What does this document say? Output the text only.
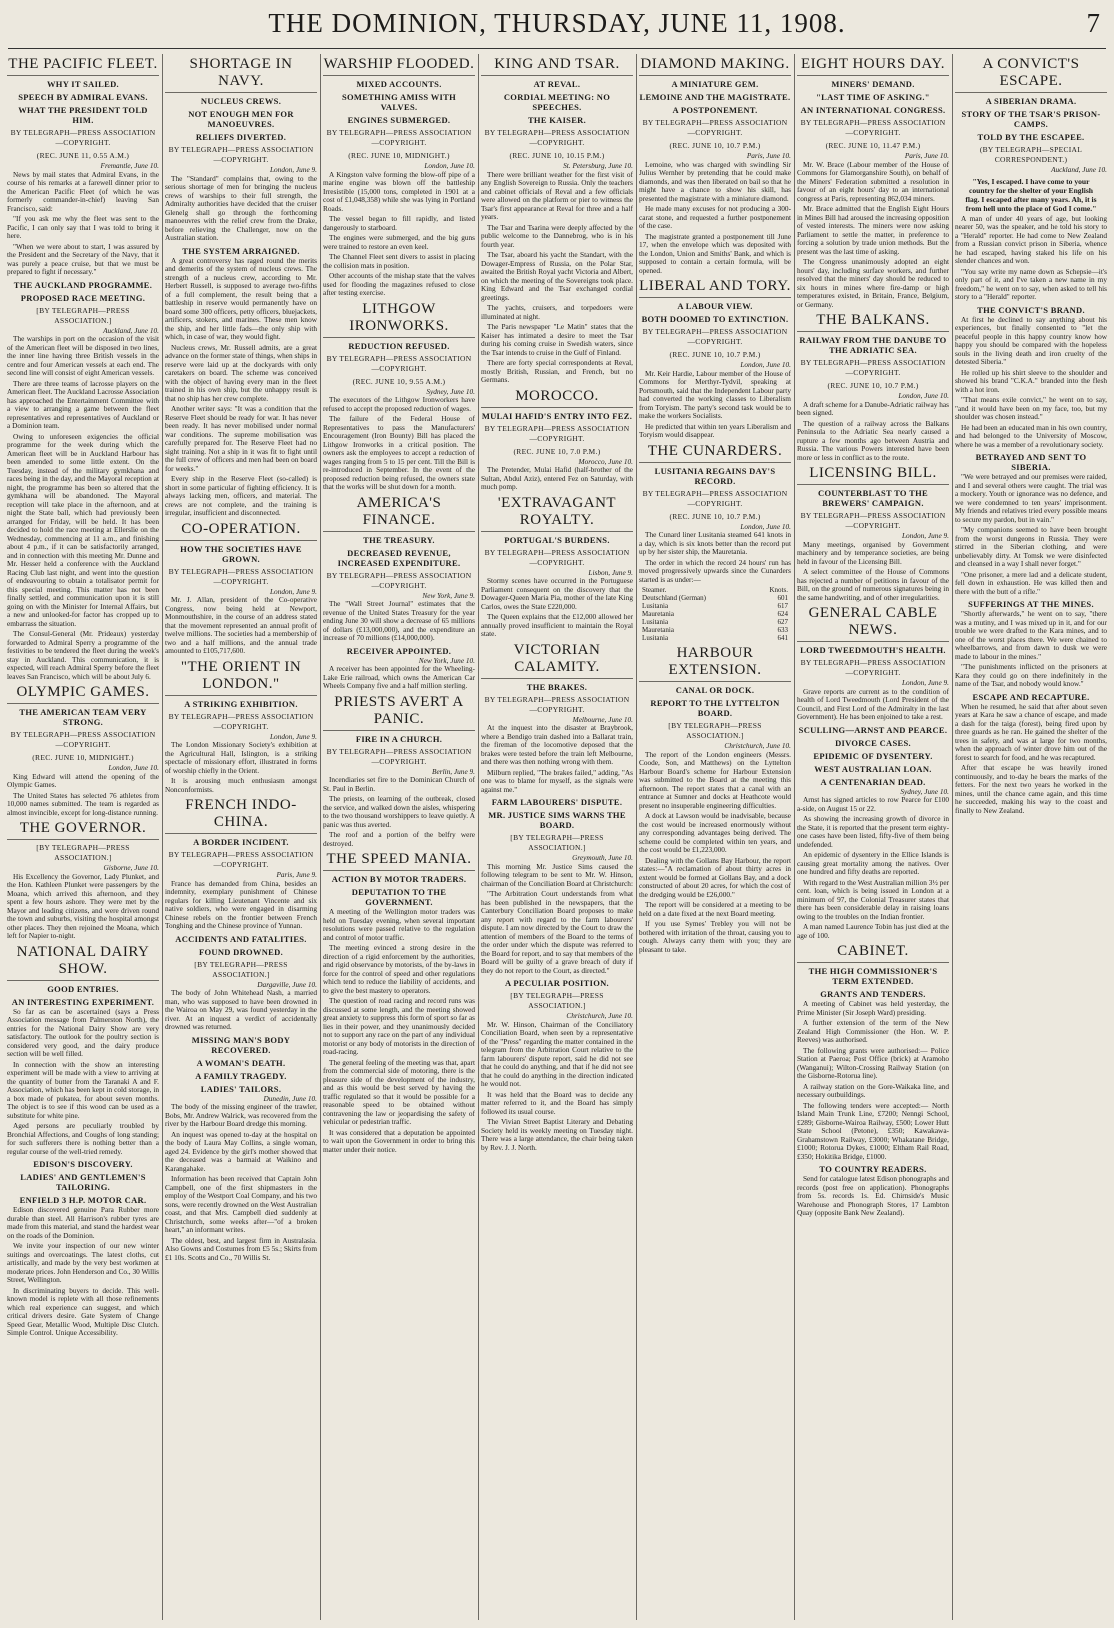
THE DOMINION, THURSDAY, JUNE 11, 1908.	7
THE PACIFIC FLEET.
WHY IT SAILED.
SPEECH BY ADMIRAL EVANS.
WHAT THE PRESIDENT TOLD HIM.
BY TELEGRAPH—PRESS ASSOCIATION—COPYRIGHT.
(REC. JUNE 11, 0.55 A.M.)
Fremantle, June 10.

News by mail states that Admiral Evans, in the course of his remarks at a farewell dinner prior to the American Pacific Fleet (of which he was formerly commander-in-chief) leaving San Francisco, said:

"If you ask me why the fleet was sent to the Pacific, I can only say that I was told to bring it here.

"When we were about to start, I was assured by the President and the Secretary of the Navy, that it was purely a peace cruise, but that we must be prepared to fight if necessary."

THE AUCKLAND PROGRAMME.
PROPOSED RACE MEETING.
[BY TELEGRAPH—PRESS ASSOCIATION.]
Auckland, June 10.

The warships in port on the occasion of the visit of the American fleet will be disposed in two lines, the inner line having three British vessels in the centre and four American vessels at each end. The second line will consist of eight American vessels.

There are three teams of lacrosse players on the American fleet. The Auckland Lacrosse Association has approached the Entertainment Committee with a view to arranging a game between the fleet representatives and representatives of Auckland or a Dominion team.

Owing to unforeseen exigencies the official programme for the week during which the American fleet will be in Auckland Harbour has been amended to some little extent. On the Tuesday, instead of the military gymkhana and races being in the day, and the Mayoral reception at night, the programme has been so altered that the gymkhana will be abandoned. The Mayoral reception will take place in the afternoon, and at night the State ball, which had previously been arranged for Friday, will be held. It has been decided to hold the race meeting at Ellerslie on the Wednesday, commencing at 11 a.m., and finishing about 4 p.m., if it can be satisfactorily arranged, and in connection with this meeting Mr. Dunne and Mr. Hesser held a conference with the Auckland Racing Club last night, and went into the question of endeavouring to obtain a totalisator permit for this special meeting. This matter has not been finally settled, and communication upon it is still going on with the Minister for Internal Affairs, but a new and unlooked-for factor has cropped up to embarrass the situation.

The Consul-General (Mr. Prideaux) yesterday forwarded to Admiral Sperry a programme of the festivities to be tendered the fleet during the week's stay in Auckland. This communication, it is expected, will reach Admiral Sperry before the fleet leaves San Francisco, which will be about July 6.

OLYMPIC GAMES.
THE AMERICAN TEAM VERY STRONG.
BY TELEGRAPH—PRESS ASSOCIATION—COPYRIGHT.
(REC. JUNE 10, MIDNIGHT.)
London, June 10.

King Edward will attend the opening of the Olympic Games.

The United States has selected 76 athletes from 10,000 names submitted. The team is regarded as almost invincible, except for long-distance running.

THE GOVERNOR.
[BY TELEGRAPH—PRESS ASSOCIATION.]
Gisborne, June 10.

His Excellency the Governor, Lady Plunket, and the Hon. Kathleen Plunket were passengers by the Moana, which arrived this afternoon, and they spent a few hours ashore. They were met by the Mayor and leading citizens, and were driven round the town and suburbs, visiting the hospital amongst other places. They then rejoined the Moana, which left for Napier to-night.

NATIONAL DAIRY SHOW.
GOOD ENTRIES.
AN INTERESTING EXPERIMENT.

So far as can be ascertained (says a Press Association message from Palmerston North), the entries for the National Dairy Show are very satisfactory. The outlook for the poultry section is considered very good, and the dairy produce section will be well filled.

In connection with the show an interesting experiment will be made with a view to arriving at the quantity of butter from the Taranaki A and F. Association, which has been kept in cold storage, in a box made of pukatea, for about seven months. The object is to see if this wood can be used as a substitute for white pine.

Aged persons are peculiarly troubled by Bronchial Affections, and Coughs of long standing; for such sufferers there is nothing better than a regular course of the well-tried remedy.

EDISON'S DISCOVERY.
LADIES' AND GENTLEMEN'S TAILORING.
ENFIELD 3 H.P. MOTOR CAR.

Edison discovered genuine Para Rubber more durable than steel. All Harrison's rubber tyres are made from this material, and stand the hardest wear on the roads of the Dominion.

We invite your inspection of our new winter suitings and overcoatings. The latest cloths, cut artistically, and made by the very best workmen at moderate prices. John Henderson and Co., 30 Willis Street, Wellington.

In discriminating buyers to decide. This well-known model is replete with all those refinements which real experience can suggest, and which critical drivers desire. Gate System of Change Speed Gear, Metallic Wood, Multiple Disc Clutch. Simple Control. Unique Accessibility.

SHORTAGE IN NAVY.
NUCLEUS CREWS.
NOT ENOUGH MEN FOR MANOEUVRES.
RELIEFS DIVERTED.
BY TELEGRAPH—PRESS ASSOCIATION—COPYRIGHT.
London, June 9.

The "Standard" complains that, owing to the serious shortage of men for bringing the nucleus crews of warships to their full strength, the Admiralty authorities have decided that the cruiser Glenelg shall go through the forthcoming manoeuvres with the relief crew from the Drake, before relieving the Challenger, now on the Australian station.

THE SYSTEM ARRAIGNED.

A great controversy has raged round the merits and demerits of the system of nucleus crews. The strength of a nucleus crew, according to Mr. Herbert Russell, is supposed to average two-fifths of a full complement, the result being that a battleship in reserve would permanently have on board some 300 officers, petty officers, bluejackets, artificers, stokers, and marines. These men know the ship, and her little fads—the only ship with which, in case of war, they would fight.

Nucleus crews, Mr. Russell admits, are a great advance on the former state of things, when ships in reserve were laid up at the dockyards with only caretakers on board. The scheme was conceived with the object of having every man in the fleet trained in his own ship, but the unhappy result is that no ship has her crew complete.

Another writer says: "It was a condition that the Reserve Fleet should be ready for war. It has never been ready. It has never mobilised under normal war conditions. The supreme mobilisation was carefully prepared for. The Reserve Fleet had no sight training. Not a ship in it was fit to fight until the full crew of officers and men had been on board for weeks."

Every ship in the Reserve Fleet (so-called) is short in some particular of fighting efficiency. It is always lacking men, officers, and material. The crews are not complete, and the training is irregular, insufficient and disconnected.

CO-OPERATION.
HOW THE SOCIETIES HAVE GROWN.
BY TELEGRAPH—PRESS ASSOCIATION—COPYRIGHT.
London, June 9.

Mr. J. Allan, president of the Co-operative Congress, now being held at Newport, Monmouthshire, in the course of an address stated that the movement represented an annual profit of twelve millions. The societies had a membership of two and a half millions, and the annual trade amounted to £105,717,600.

"THE ORIENT IN LONDON."
A STRIKING EXHIBITION.
BY TELEGRAPH—PRESS ASSOCIATION—COPYRIGHT.
London, June 9.

The London Missionary Society's exhibition at the Agricultural Hall, Islington, is a striking spectacle of missionary effort, illustrated in forms of worship chiefly in the Orient.

It is arousing much enthusiasm amongst Nonconformists.

FRENCH INDO-CHINA.
A BORDER INCIDENT.
BY TELEGRAPH—PRESS ASSOCIATION—COPYRIGHT.
Paris, June 9.

France has demanded from China, besides an indemnity, exemplary punishment of Chinese regulars for killing Lieutenant Vincente and six native soldiers, who were engaged in disarming Chinese rebels on the frontier between French Tonghing and the Chinese province of Yunnan.

ACCIDENTS AND FATALITIES.
FOUND DROWNED.
[BY TELEGRAPH—PRESS ASSOCIATION.]
Dargaville, June 10.

The body of John Whitehead Nash, a married man, who was supposed to have been drowned in the Wairoa on May 29, was found yesterday in the river. At an inquest a verdict of accidentally drowned was returned.

MISSING MAN'S BODY RECOVERED.
A WOMAN'S DEATH.
A FAMILY TRAGEDY.
LADIES' TAILORS.
Dunedin, June 10.

The body of the missing engineer of the trawler, Bobs, Mr. Andrew Walrick, was recovered from the river by the Harbour Board dredge this morning.

An inquest was opened to-day at the hospital on the body of Laura May Collins, a single woman, aged 24. Evidence by the girl's mother showed that the deceased was a barmaid at Waikino and Karangahake.

Information has been received that Captain John Campbell, one of the first shipmasters in the employ of the Westport Coal Company, and his two sons, were recently drowned on the West Australian coast, and that Mrs. Campbell died suddenly at Christchurch, some weeks after—"of a broken heart," an informant writes.

The oldest, best, and largest firm in Australasia. Also Gowns and Costumes from £5 5s.; Skirts from £1 10s. Scotts and Co., 70 Willis St.

WARSHIP FLOODED.
MIXED ACCOUNTS.
SOMETHING AMISS WITH VALVES.
ENGINES SUBMERGED.
BY TELEGRAPH—PRESS ASSOCIATION—COPYRIGHT.
(REC. JUNE 10, MIDNIGHT.)
London, June 10.

A Kingston valve forming the blow-off pipe of a marine engine was blown off the battleship Irresistible (15,000 tons, completed in 1901 at a cost of £1,048,358) while she was lying in Portland Roads.

The vessel began to fill rapidly, and listed dangerously to starboard.

The engines were submerged, and the big guns were trained to restore an even keel.

The Channel Fleet sent divers to assist in placing the collision mats in position.

Other accounts of the mishap state that the valves used for flooding the magazines refused to close after testing exercise.

LITHGOW IRONWORKS.
REDUCTION REFUSED.
BY TELEGRAPH—PRESS ASSOCIATION—COPYRIGHT.
(REC. JUNE 10, 9.55 A.M.)
Sydney, June 10.

The executors of the Lithgow Ironworkers have refused to accept the proposed reduction of wages.

The failure of the Federal House of Representatives to pass the Manufacturers' Encouragement (Iron Bounty) Bill has placed the Lithgow Ironworks in a critical position. The owners ask the employees to accept a reduction of wages ranging from 5 to 15 per cent. Till the Bill is re-introduced in September. In the event of the proposed reduction being refused, the owners state that the works will be shut down for a month.

AMERICA'S FINANCE.
THE TREASURY.
DECREASED REVENUE, INCREASED EXPENDITURE.
BY TELEGRAPH—PRESS ASSOCIATION—COPYRIGHT.
New York, June 9.

The "Wall Street Journal" estimates that the revenue of the United States Treasury for the year ending June 30 will show a decrease of 65 millions of dollars (£13,000,000), and the expenditure an increase of 70 millions (£14,000,000).

RECEIVER APPOINTED.
New York, June 10.

A receiver has been appointed for the Wheeling-Lake Erie railroad, which owns the American Car Wheels Company five and a half million sterling.

PRIESTS AVERT A PANIC.
FIRE IN A CHURCH.
BY TELEGRAPH—PRESS ASSOCIATION—COPYRIGHT.
Berlin, June 9.

Incendiaries set fire to the Dominican Church of St. Paul in Berlin.

The priests, on learning of the outbreak, closed the service, and walked down the aisles, whispering to the two thousand worshippers to leave quietly. A panic was thus averted.

The roof and a portion of the belfry were destroyed.

THE SPEED MANIA.
ACTION BY MOTOR TRADERS.
DEPUTATION TO THE GOVERNMENT.

A meeting of the Wellington motor traders was held on Tuesday evening, when several important resolutions were passed relative to the regulation and control of motor traffic.

The meeting evinced a strong desire in the direction of a rigid enforcement by the authorities, and rigid observance by motorists, of the by-laws in force for the control of speed and other regulations which tend to reduce the liability of accidents, and to give the best mastery to operators.

The question of road racing and record runs was discussed at some length, and the meeting showed great anxiety to suppress this form of sport so far as lies in their power, and they unanimously decided not to support any race on the part of any individual motorist or any body of motorists in the direction of road-racing.

The general feeling of the meeting was that, apart from the commercial side of motoring, there is the pleasure side of the development of the industry, and as this would be best served by having the traffic regulated so that it would be possible for a reasonable speed to be obtained without contravening the law or jeopardising the safety of vehicular or pedestrian traffic.

It was considered that a deputation be appointed to wait upon the Government in order to bring this matter under their notice.

KING AND TSAR.
AT REVAL.
CORDIAL MEETING: NO SPEECHES.
THE KAISER.
BY TELEGRAPH—PRESS ASSOCIATION—COPYRIGHT.
(REC. JUNE 10, 10.15 P.M.)
St. Petersburg, June 10.

There were brilliant weather for the first visit of any English Sovereign to Russia. Only the teachers and cabinet officials of Reval and a few officials were allowed on the platform or pier to witness the Tsar's first appearance at Reval for three and a half years.

The Tsar and Tsarina were deeply affected by the public welcome to the Dannebrog, who is in his fourth year.

The Tsar, aboard his yacht the Standart, with the Dowager-Empress of Russia, on the Polar Star, awaited the British Royal yacht Victoria and Albert, on which the meeting of the Sovereigns took place. King Edward and the Tsar exchanged cordial greetings.

The yachts, cruisers, and torpedoers were illuminated at night.

The Paris newspaper "Le Matin" states that the Kaiser has intimated a desire to meet the Tsar during his coming cruise in Swedish waters, since the Tsar intends to cruise in the Gulf of Finland.

There are forty special correspondents at Reval, mostly British, Russian, and French, but no Germans.

MOROCCO.
MULAI HAFID'S ENTRY INTO FEZ.
BY TELEGRAPH—PRESS ASSOCIATION—COPYRIGHT.
(REC. JUNE 10, 7.0 P.M.)
Morocco, June 10.

The Pretender, Mulai Hafid (half-brother of the Sultan, Abdul Aziz), entered Fez on Saturday, with much pomp.

'EXTRAVAGANT ROYALTY.
PORTUGAL'S BURDENS.
BY TELEGRAPH—PRESS ASSOCIATION—COPYRIGHT.
Lisbon, June 9.

Stormy scenes have occurred in the Portuguese Parliament consequent on the discovery that the Dowager-Queen Maria Pia, mother of the late King Carlos, owes the State £220,000.

The Queen explains that the £12,000 allowed her annually proved insufficient to maintain the Royal state.

VICTORIAN CALAMITY.
THE BRAKES.
BY TELEGRAPH—PRESS ASSOCIATION—COPYRIGHT.
Melbourne, June 10.

At the inquest into the disaster at Braybrook, where a Bendigo train dashed into a Ballarat train, the fireman of the locomotive deposed that the brakes were tested before the train left Melbourne, and there was then nothing wrong with them.

Milburn replied, "The brakes failed," adding, "As one was to blame for myself, as the signals were against me."

FARM LABOURERS' DISPUTE.
MR. JUSTICE SIMS WARNS THE BOARD.
[BY TELEGRAPH—PRESS ASSOCIATION.]
Greymouth, June 10.

This morning Mr. Justice Sims caused the following telegram to be sent to Mr. W. Hinson, chairman of the Conciliation Board at Christchurch:

"The Arbitration Court understands from what has been published in the newspapers, that the Canterbury Conciliation Board proposes to make any report with regard to the farm labourers' dispute. I am now directed by the Court to draw the attention of members of the Board to the terms of the order under which the dispute was referred to the Board for report, and to say that members of the Board will be guilty of a grave breach of duty if they do not report to the Court, as directed."

A PECULIAR POSITION.
[BY TELEGRAPH—PRESS ASSOCIATION.]
Christchurch, June 10.

Mr. W. Hinson, Chairman of the Conciliatory Conciliation Board, when seen by a representative of the "Press" regarding the matter contained in the telegram from the Arbitration Court relative to the farm labourers' dispute report, said he did not see that he could do anything, and that if he did not see that he could do anything in the direction indicated he would not.

It was held that the Board was to decide any matter referred to it, and the Board has simply followed its usual course.

The Vivian Street Baptist Literary and Debating Society held its weekly meeting on Tuesday night. There was a large attendance, the chair being taken by Rev. J. J. North.

DIAMOND MAKING.
A MINIATURE GEM.
LEMOINE AND THE MAGISTRATE.
A POSTPONEMENT.
BY TELEGRAPH—PRESS ASSOCIATION—COPYRIGHT.
(REC. JUNE 10, 10.7 P.M.)
Paris, June 10.

Lemoine, who was charged with swindling Sir Julius Wernher by pretending that he could make diamonds, and was then liberated on bail so that he might have a chance to show his skill, has presented the magistrate with a miniature diamond.

He made many excuses for not producing a 300-carat stone, and requested a further postponement of the case.

The magistrate granted a postponement till June 17, when the envelope which was deposited with the London, Union and Smiths' Bank, and which is supposed to contain a certain formula, will be opened.

LIBERAL AND TORY.
A LABOUR VIEW.
BOTH DOOMED TO EXTINCTION.
BY TELEGRAPH—PRESS ASSOCIATION—COPYRIGHT.
(REC. JUNE 10, 10.7 P.M.)
London, June 10.

Mr. Keir Hardie, Labour member of the House of Commons for Merthyr-Tydvil, speaking at Portsmouth, said that the Independent Labour party had converted the working classes to Liberalism from Toryism. The party's second task would be to make the workers Socialists.

He predicted that within ten years Liberalism and Toryism would disappear.

THE CUNARDERS.
LUSITANIA REGAINS DAY'S RECORD.
BY TELEGRAPH—PRESS ASSOCIATION—COPYRIGHT.
(REC. JUNE 10, 10.7 P.M.)
London, June 10.

The Cunard liner Lusitania steamed 641 knots in a day, which is six knots better than the record put up by her sister ship, the Mauretania.

The order in which the record 24 hours' run has moved progressively upwards since the Cunarders started is as under:—

Steamer.	Knots.
Deutschland (German)	601
Lusitania	617
Mauretania	624
Lusitania	627
Mauretania	633
Lusitania	641
HARBOUR EXTENSION.
CANAL OR DOCK.
REPORT TO THE LYTTELTON BOARD.
[BY TELEGRAPH—PRESS ASSOCIATION.]
Christchurch, June 10.

The report of the London engineers (Messrs. Coode, Son, and Matthews) on the Lyttelton Harbour Board's scheme for Harbour Extension was submitted to the Board at the meeting this afternoon. The report states that a canal with an entrance at Sumner and docks at Heathcote would present no insuperable engineering difficulties.

A dock at Lawson would be inadvisable, because the cost would be increased enormously without any corresponding advantages being derived. The scheme could be completed within ten years, and the cost would be £1,223,000.

Dealing with the Gollans Bay Harbour, the report states:—"A reclamation of about thirty acres in extent would be formed at Gollans Bay, and a dock constructed of about 20 acres, for which the cost of the dredging would be £26,000."

The report will be considered at a meeting to be held on a date fixed at the next Board meeting.

If you use Symes' Trebley you will not be bothered with irritation of the throat, causing you to cough. Always carry them with you; they are pleasant to take.

EIGHT HOURS DAY.
MINERS' DEMAND.
"LAST TIME OF ASKING."
AN INTERNATIONAL CONGRESS.
BY TELEGRAPH—PRESS ASSOCIATION—COPYRIGHT.
(REC. JUNE 10, 11.47 P.M.)
Paris, June 10.

Mr. W. Brace (Labour member of the House of Commons for Glamorganshire South), on behalf of the Miners' Federation submitted a resolution in favour of an eight hours' day to an international congress at Paris, representing 862,034 miners.

Mr. Brace admitted that the English Eight Hours in Mines Bill had aroused the increasing opposition of vested interests. The miners were now asking Parliament to settle the matter, in preference to forcing a solution by trade union methods. But the present was the last time of asking.

The Congress unanimously adopted an eight hours' day, including surface workers, and further resolved that the miners' day should be reduced to six hours in mines where fire-damp or high temperatures existed, in Britain, France, Belgium, or Germany.

THE BALKANS.
RAILWAY FROM THE DANUBE TO THE ADRIATIC SEA.
BY TELEGRAPH—PRESS ASSOCIATION—COPYRIGHT.
(REC. JUNE 10, 10.7 P.M.)
London, June 10.

A draft scheme for a Danube-Adriatic railway has been signed.

The question of a railway across the Balkans Peninsula to the Adriatic Sea nearly caused a rupture a few months ago between Austria and Russia. The various Powers interested have been more or less in conflict as to the route.

LICENSING BILL.
COUNTERBLAST TO THE BREWERS' CAMPAIGN.
BY TELEGRAPH—PRESS ASSOCIATION—COPYRIGHT.
London, June 9.

Many meetings, organised by Government machinery and by temperance societies, are being held in favour of the Licensing Bill.

A select committee of the House of Commons has rejected a number of petitions in favour of the Bill, on the ground of numerous signatures being in the same handwriting, and of other irregularities.

GENERAL CABLE NEWS.
LORD TWEEDMOUTH'S HEALTH.
BY TELEGRAPH—PRESS ASSOCIATION—COPYRIGHT.
London, June 9.

Grave reports are current as to the condition of health of Lord Tweedmouth (Lord President of the Council, and First Lord of the Admiralty in the last Government). He has been enjoined to take a rest.

SCULLING—ARNST AND PEARCE.
DIVORCE CASES.
EPIDEMIC OF DYSENTERY.
WEST AUSTRALIAN LOAN.
A CENTENARIAN DEAD.
Sydney, June 10.

Arnst has signed articles to row Pearce for £100 a-side, on August 15 or 22.

As showing the increasing growth of divorce in the State, it is reported that the present term eighty-one cases have been listed, fifty-five of them being undefended.

An epidemic of dysentery in the Ellice Islands is causing great mortality among the natives. Over one hundred and fifty deaths are reported.

With regard to the West Australian million 3½ per cent. loan, which is being issued in London at a minimum of 97, the Colonial Treasurer states that there has been considerable delay in raising loans owing to the troubles on the Indian frontier.

A man named Laurence Tobin has just died at the age of 100.

CABINET.
THE HIGH COMMISSIONER'S TERM EXTENDED.
GRANTS AND TENDERS.

A meeting of Cabinet was held yesterday, the Prime Minister (Sir Joseph Ward) presiding.

A further extension of the term of the New Zealand High Commissioner (the Hon. W. P. Reeves) was authorised.

The following grants were authorised:— Police Station at Paeroa; Post Office (brick) at Aramoho (Wanganui); Wilton-Crossing Railway Station (on the Gisborne-Rotorua line).

A railway station on the Gore-Waikaka line, and necessary outbuildings.

The following tenders were accepted:— North Island Main Trunk Line, £7200; Nenngi School, £289; Gisborne-Wairoa Railway, £500; Lower Hutt State School (Petone), £350; Kawakawa-Grahamstown Railway, £3000; Whakatane Bridge, £1000; Rotorua Dykes, £1000; Eltham Rail Road, £350; Hokitika Bridge, £1000.

TO COUNTRY READERS.

Send for catalogue latest Edison phonographs and records (post free on application). Phonographs from 5s. records 1s. Ed. Chirnside's Music Warehouse and Phonograph Stores, 17 Lambton Quay (opposite Bank New Zealand).

A CONVICT'S ESCAPE.
A SIBERIAN DRAMA.
STORY OF THE TSAR'S PRISON-CAMPS.
TOLD BY THE ESCAPEE.
(BY TELEGRAPH—SPECIAL CORRESPONDENT.)
Auckland, June 10.
"Yes, I escaped. I have come to your country for the shelter of your English flag. I escaped after many years. Ah, it is from hell unto the place of God I come."

A man of under 40 years of age, but looking nearer 50, was the speaker, and he told his story to a "Herald" reporter. He had come to New Zealand from a Russian convict prison in Siberia, whence he had escaped, having staked his life on his slender chances and won.

"You say write my name down as Schepsie—it's only part of it, and I've taken a new name in my freedom," he went on to say, when asked to tell his story to a "Herald" reporter.

THE CONVICT'S BRAND.

At first he declined to say anything about his experiences, but finally consented to "let the peaceful people in this happy country know how happy you should be compared with the hopeless souls in the living death and iron cruelty of the detested Siberia."

He rolled up his shirt sleeve to the shoulder and showed his brand "C.K.A." branded into the flesh with a hot iron.

"That means exile convict," he went on to say, "and it would have been on my face, too, but my shoulder was chosen instead."

He had been an educated man in his own country, and had belonged to the University of Moscow, where he was a member of a revolutionary society.

BETRAYED AND SENT TO SIBERIA.

"We were betrayed and our premises were raided, and I and several others were caught. The trial was a mockery. Youth or ignorance was no defence, and we were condemned to ten years' imprisonment. My friends and relatives tried every possible means to secure my pardon, but in vain."

"My companions seemed to have been brought from the worst dungeons in Russia. They were stirred in the Siberian clothing, and were unbelievably dirty. At Tomsk we were disinfected and cleansed in a way I shall never forget."

"One prisoner, a mere lad and a delicate student, fell down in exhaustion. He was killed then and there with the butt of a rifle."

SUFFERINGS AT THE MINES.

"Shortly afterwards," he went on to say, "there was a mutiny, and I was mixed up in it, and for our trouble we were drafted to the Kara mines, and to one of the worst places there. We were chained to wheelbarrows, and from dawn to dusk we were made to labour in the mines."

"The punishments inflicted on the prisoners at Kara they could go on there indefinitely in the name of the Tsar, and nobody would know."

ESCAPE AND RECAPTURE.

When he resumed, he said that after about seven years at Kara he saw a chance of escape, and made a dash for the taiga (forest), being fired upon by three guards as he ran. He gained the shelter of the trees in safety, and was at large for two months, when the approach of winter drove him out of the forest to search for food, and he was recaptured.

After that escape he was heavily ironed continuously, and to-day he bears the marks of the fetters. For the next two years he worked in the mines, until the chance came again, and this time he succeeded, making his way to the coast and finally to New Zealand.
